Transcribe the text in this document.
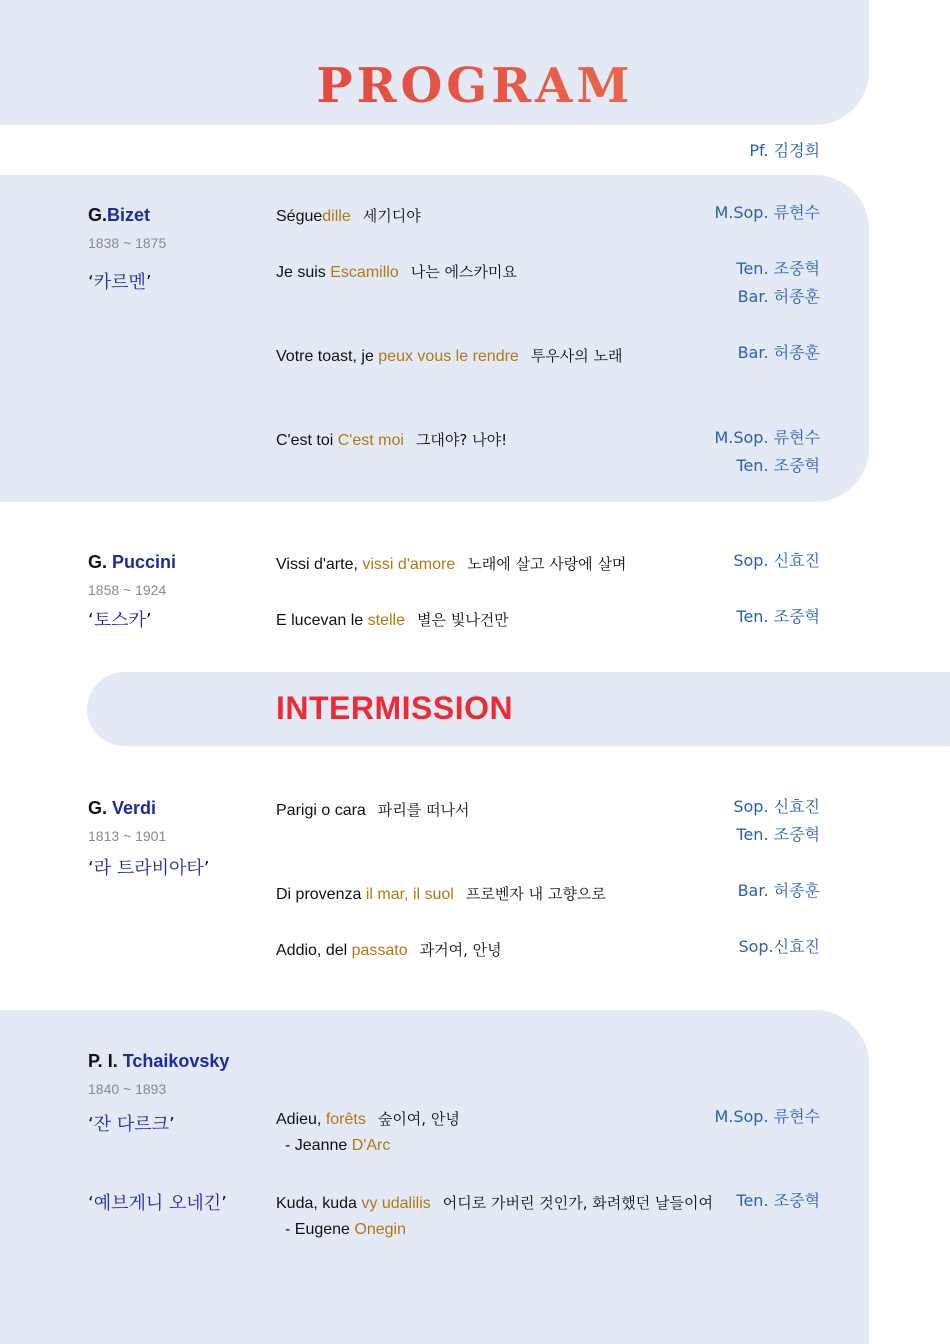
PROGRAM
Pf. 김경희
G.Bizet
1838 ~ 1875
‘카르멘’
Séguedille 세기디야	M.Sop. 류현수
Je suis Escamillo 나는 에스카미요	Ten. 조중혁
Bar. 허종훈
Votre toast, je peux vous le rendre 투우사의 노래	Bar. 허종훈
C'est toi C'est moi 그대야? 나야!	M.Sop. 류현수
Ten. 조중혁
G. Puccini
1858 ~ 1924
‘토스카’
Vissi d'arte, vissi d'amore 노래에 살고 사랑에 살며	Sop. 신효진
E lucevan le stelle 별은 빛나건만	Ten. 조중혁
INTERMISSION
G. Verdi
1813 ~ 1901
‘라 트라비아타’
Parigi o cara 파리를 떠나서	Sop. 신효진
Ten. 조중혁
Di provenza il mar, il suol 프로벤자 내 고향으로	Bar. 허종훈
Addio, del passato 과거여, 안녕	Sop.신효진
P. I. Tchaikovsky
1840 ~ 1893
‘잔 다르크’
‘예브게니 오네긴’
Adieu, forêts 숲이여, 안녕
- Jeanne D'Arc
M.Sop. 류현수
Kuda, kuda vy udalilis 어디로 가버린 것인가, 화려했던 날들이여
- Eugene Onegin
Ten. 조중혁
